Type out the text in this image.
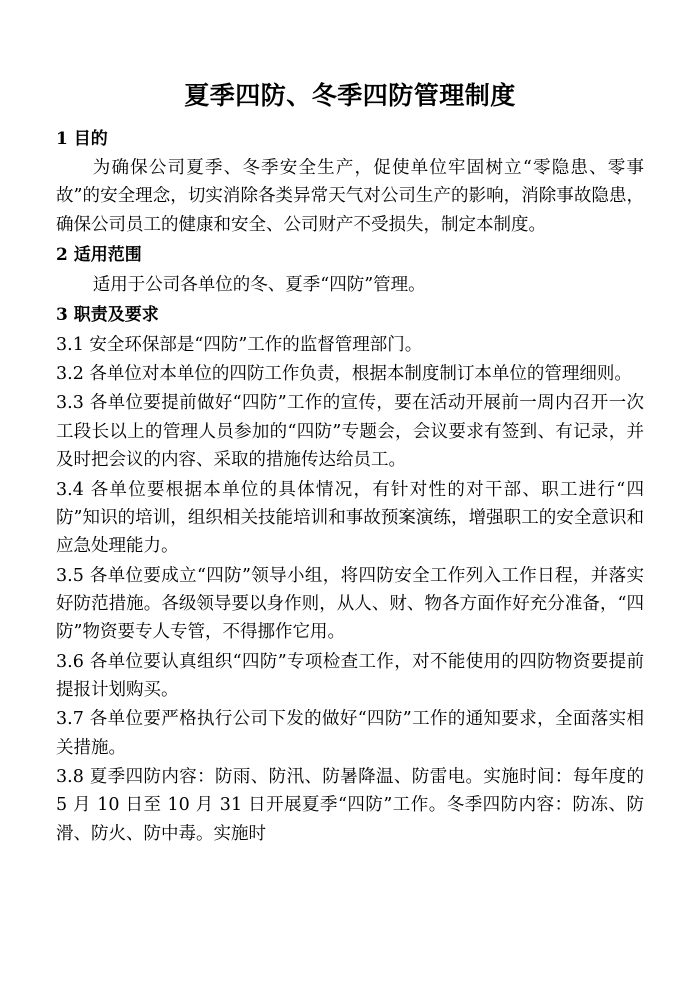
夏季四防、冬季四防管理制度
1 目的

为确保公司夏季、冬季安全生产，促使单位牢固树立“零隐患、零事故”的安全理念，切实消除各类异常天气对公司生产的影响，消除事故隐患，确保公司员工的健康和安全、公司财产不受损失，制定本制度。

2 适用范围

适用于公司各单位的冬、夏季“四防”管理。

3 职责及要求

3.1 安全环保部是“四防”工作的监督管理部门。

3.2 各单位对本单位的四防工作负责，根据本制度制订本单位的管理细则。

3.3 各单位要提前做好“四防”工作的宣传，要在活动开展前一周内召开一次工段长以上的管理人员参加的“四防”专题会，会议要求有签到、有记录，并及时把会议的内容、采取的措施传达给员工。

3.4 各单位要根据本单位的具体情况，有针对性的对干部、职工进行“四防”知识的培训，组织相关技能培训和事故预案演练，增强职工的安全意识和应急处理能力。

3.5 各单位要成立“四防”领导小组，将四防安全工作列入工作日程，并落实好防范措施。各级领导要以身作则，从人、财、物各方面作好充分准备，“四防”物资要专人专管，不得挪作它用。

3.6 各单位要认真组织“四防”专项检查工作，对不能使用的四防物资要提前提报计划购买。

3.7 各单位要严格执行公司下发的做好“四防”工作的通知要求，全面落实相关措施。

3.8 夏季四防内容：防雨、防汛、防暑降温、防雷电。实施时间：每年度的 5 月 10 日至 10 月 31 日开展夏季“四防”工作。冬季四防内容：防冻、防滑、防火、防中毒。实施时
